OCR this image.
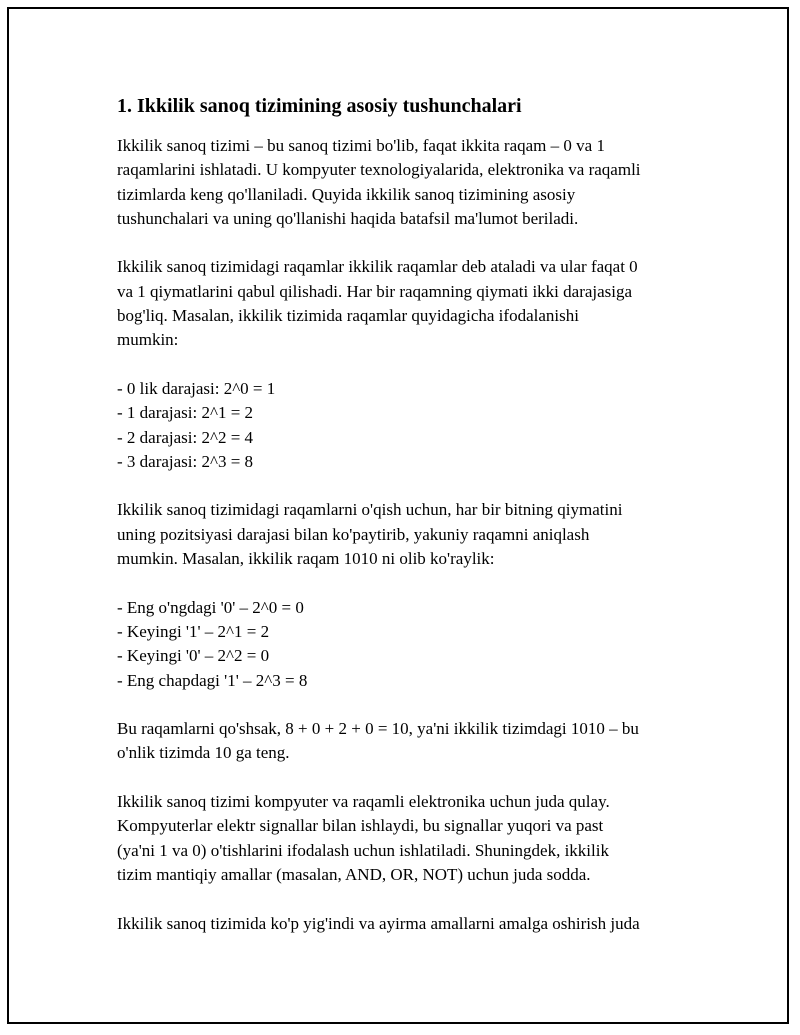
1. Ikkilik sanoq tizimining asosiy tushunchalari

Ikkilik sanoq tizimi – bu sanoq tizimi bo'lib, faqat ikkita raqam – 0 va 1
raqamlarini ishlatadi. U kompyuter texnologiyalarida, elektronika va raqamli
tizimlarda keng qo'llaniladi. Quyida ikkilik sanoq tizimining asosiy
tushunchalari va uning qo'llanishi haqida batafsil ma'lumot beriladi.

Ikkilik sanoq tizimidagi raqamlar ikkilik raqamlar deb ataladi va ular faqat 0
va 1 qiymatlarini qabul qilishadi. Har bir raqamning qiymati ikki darajasiga
bog'liq. Masalan, ikkilik tizimida raqamlar quyidagicha ifodalanishi
mumkin:

- 0 lik darajasi: 2^0 = 1
- 1 darajasi: 2^1 = 2
- 2 darajasi: 2^2 = 4
- 3 darajasi: 2^3 = 8

Ikkilik sanoq tizimidagi raqamlarni o'qish uchun, har bir bitning qiymatini
uning pozitsiyasi darajasi bilan ko'paytirib, yakuniy raqamni aniqlash
mumkin. Masalan, ikkilik raqam 1010 ni olib ko'raylik:

- Eng o'ngdagi '0' – 2^0 = 0
- Keyingi '1' – 2^1 = 2
- Keyingi '0' – 2^2 = 0
- Eng chapdagi '1' – 2^3 = 8

Bu raqamlarni qo'shsak, 8 + 0 + 2 + 0 = 10, ya'ni ikkilik tizimdagi 1010 – bu
o'nlik tizimda 10 ga teng.

Ikkilik sanoq tizimi kompyuter va raqamli elektronika uchun juda qulay.
Kompyuterlar elektr signallar bilan ishlaydi, bu signallar yuqori va past
(ya'ni 1 va 0) o'tishlarini ifodalash uchun ishlatiladi. Shuningdek, ikkilik
tizim mantiqiy amallar (masalan, AND, OR, NOT) uchun juda sodda.

Ikkilik sanoq tizimida ko'p yig'indi va ayirma amallarni amalga oshirish juda
